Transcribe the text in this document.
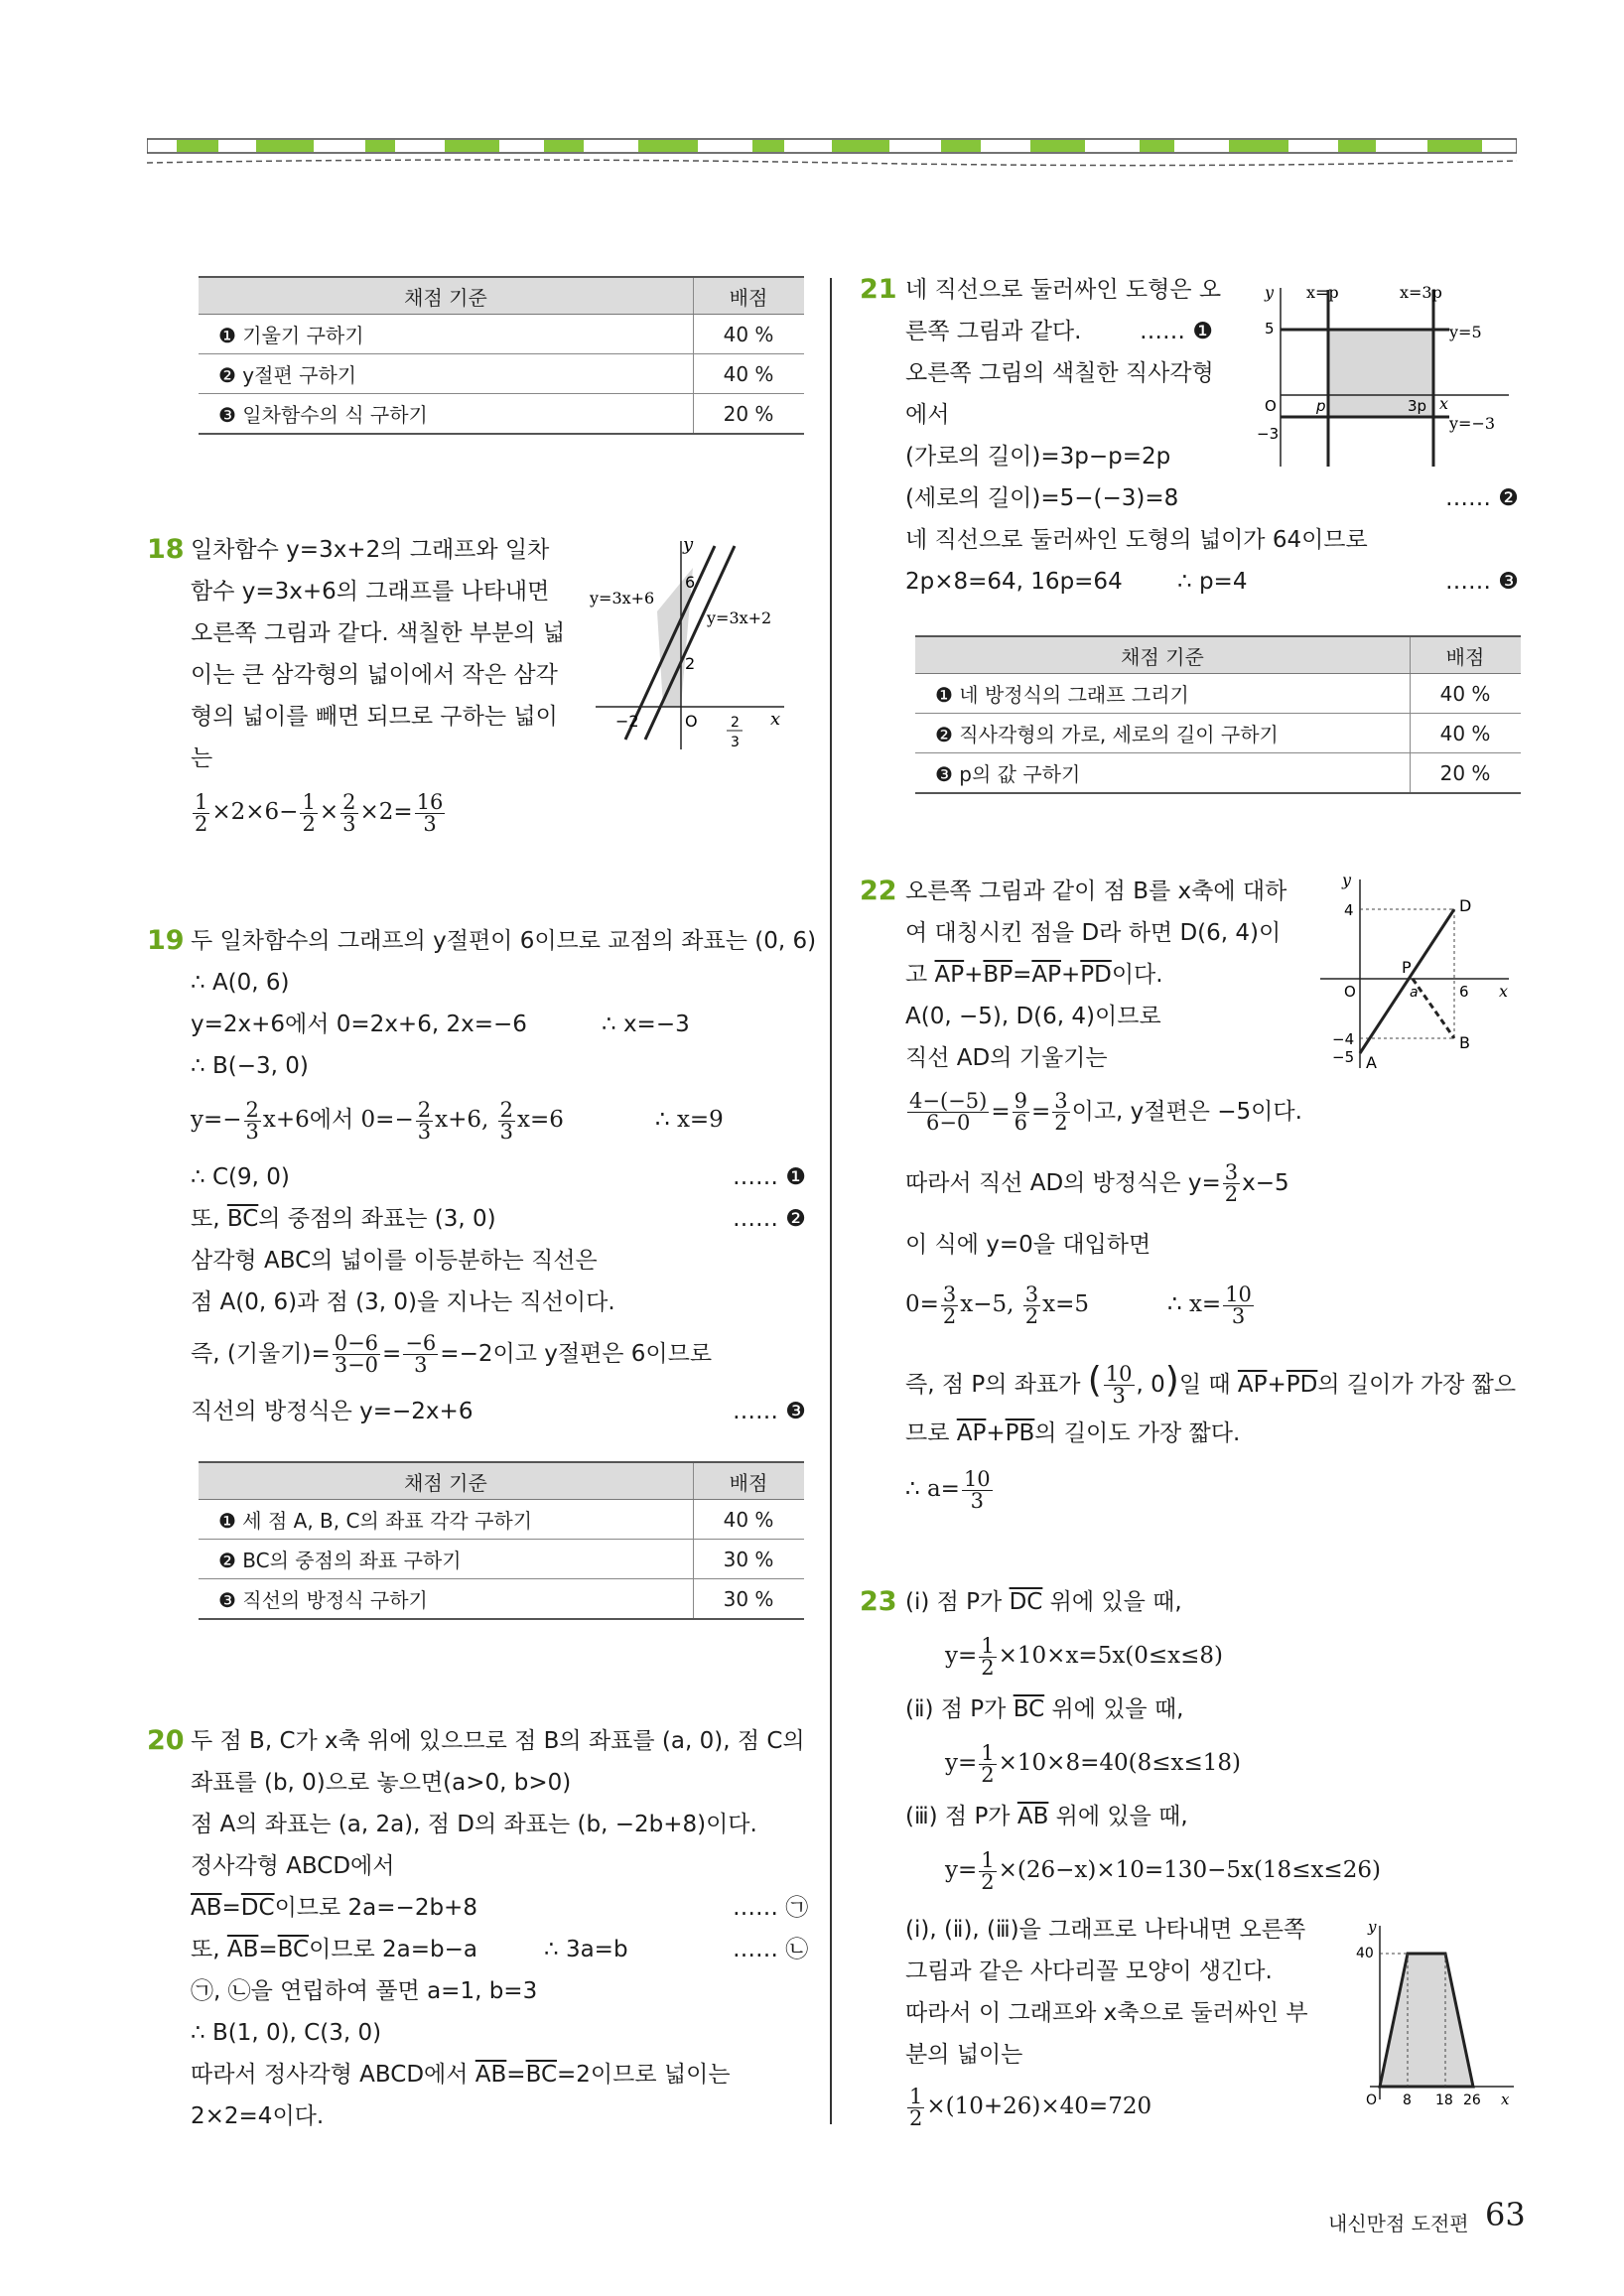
채점 기준	배점
❶ 기울기 구하기	40 %
❷ y절편 구하기	40 %
❸ 일차함수의 식 구하기	20 %
18 일차함수 y=3x+2의 그래프와 일차
함수 y=3x+6의 그래프를 나타내면
오른쪽 그림과 같다. 색칠한 부분의 넓
이는 큰 삼각형의 넓이에서 작은 삼각
형의 넓이를 빼면 되므로 구하는 넓이
는
$\frac{1}{2} \times 2\times 6- \frac{1}{2} \times \frac{2}{3} \times 2= \frac{16}{3}$
y
x
O
y=3x+6
y=3x+2
6
2
−2	2
3
19 두 일차함수의 그래프의 y절편이 6이므로 교점의 좌표는 (0, 6)
∴ A(0, 6)
y=2x+6에서 0=2x+6, 2x=−6	∴ x=−3
∴ B(−3, 0)
$y=- \frac{2}{3} x+6$에서 $0=- \frac{2}{3} x+6$, $\frac{2}{3} x=6$	∴ x=9
∴ C(9, 0)	…… ❶
또, $\overline{BC}$의 중점의 좌표는 (3, 0)	…… ❷
삼각형 ABC의 넓이를 이등분하는 직선은
점 A(0, 6)과 점 (3, 0)을 지나는 직선이다.
즉, (기울기)= $\frac{0-6}{3-0} = \frac{-6}{3} =-2$이고 y절편은 6이므로
직선의 방정식은 y=−2x+6	…… ❸
채점 기준	배점
❶ 세 점 A, B, C의 좌표 각각 구하기	40 %
❷ BC의 중점의 좌표 구하기	30 %
❸ 직선의 방정식 구하기	30 %
20 두 점 B, C가 x축 위에 있으므로 점 B의 좌표를 (a, 0), 점 C의
좌표를 (b, 0)으로 놓으면(a>0, b>0)
점 A의 좌표는 (a, 2a), 점 D의 좌표는 (b, −2b+8)이다.
정사각형 ABCD에서
$\overline{AB}=\overline{DC}$이므로 2a=−2b+8	…… ㉠
또, $\overline{AB}=\overline{BC}$이므로 2a=b−a	∴ 3a=b	…… ㉡
㉠, ㉡을 연립하여 풀면 a=1, b=3
∴ B(1, 0), C(3, 0)
따라서 정사각형 ABCD에서 $\overline{AB}=\overline{BC}=2$이므로 넓이는
2×2=4이다.
21 네 직선으로 둘러싸인 도형은 오
른쪽 그림과 같다.	…… ❶
오른쪽 그림의 색칠한 직사각형
에서
(가로의 길이)=3p−p=2p
(세로의 길이)=5−(−3)=8	…… ❷
네 직선으로 둘러싸인 도형의 넓이가 64이므로
2p×8=64, 16p=64 ∴ p=4	…… ❸
y
x
O
x=p	x=3p
y=5
y=−3
5
−3
p	3p
채점 기준	배점
❶ 네 방정식의 그래프 그리기	40 %
❷ 직사각형의 가로, 세로의 길이 구하기	40 %
❸ p의 값 구하기	20 %
22 오른쪽 그림과 같이 점 B를 x축에 대하
여 대칭시킨 점을 D라 하면 D(6, 4)이
고 $\overline{AP}+\overline{BP}=\overline{AP}+\overline{PD}$이다.
A(0, −5), D(6, 4)이므로
직선 AD의 기울기는
$\frac{4-(-5)}{6-0} = \frac{9}{6} = \frac{3}{2}$ 이고, y절편은 −5이다.
따라서 직선 AD의 방정식은 $y= \frac{3}{2} x-5$
이 식에 y=0을 대입하면
$0= \frac{3}{2} x-5$, $\frac{3}{2} x=5$	∴ $x= \frac{10}{3}$
즉, 점 P의 좌표가 ( $\frac{10}{3}$ , 0)일 때 $\overline{AP}+\overline{PD}$의 길이가 가장 짧으
므로 $\overline{AP}+\overline{PB}$의 길이도 가장 짧다.
∴ $a= \frac{10}{3}$
y
x
O
4
−4
−5
6
D
P
A
B
a
23 (ⅰ) 점 P가 $\overline{DC}$ 위에 있을 때,
$y= \frac{1}{2} \times 10\times x=5x(0\le x\le 8)$
(ⅱ) 점 P가 $\overline{BC}$ 위에 있을 때,
$y= \frac{1}{2} \times 10\times 8=40(8\le x\le 18)$
(ⅲ) 점 P가 $\overline{AB}$ 위에 있을 때,
$y= \frac{1}{2} \times(26-x)\times 10=130-5x(18\le x\le 26)$
(ⅰ), (ⅱ), (ⅲ)을 그래프로 나타내면 오른쪽
그림과 같은 사다리꼴 모양이 생긴다.
따라서 이 그래프와 x축으로 둘러싸인 부
분의 넓이는
$\frac{1}{2} \times(10+26)\times 40=720$
y
x
O
40
8 18 26
내신만점 도전편 63
